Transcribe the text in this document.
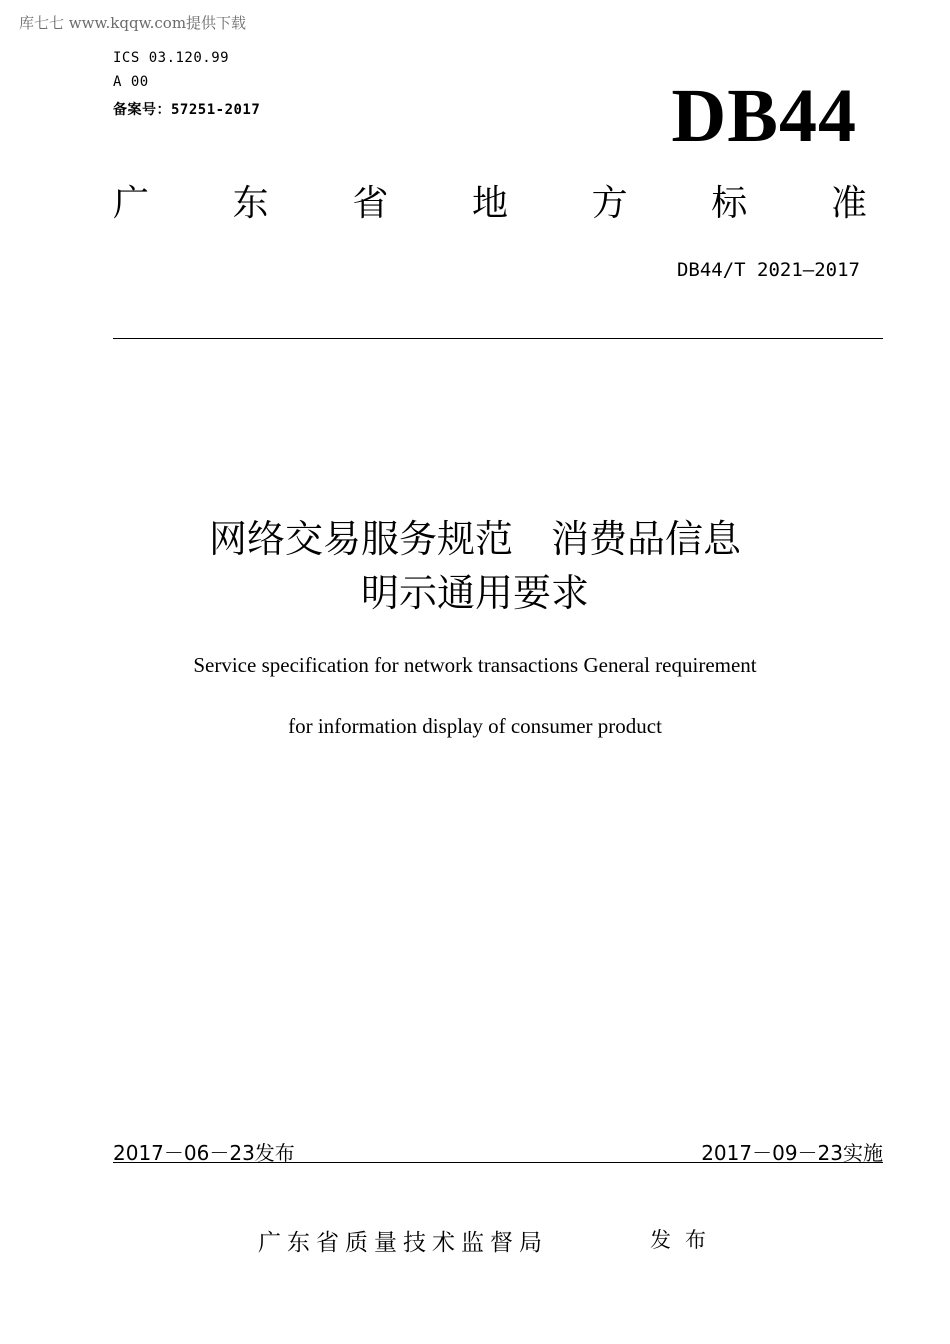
库七七 www.kqqw.com提供下载
ICS 03.120.99
A 00
备案号：57251-2017	DB44
广 东 省 地 方 标 准
DB44/T 2021—2017
网络交易服务规范　消费品信息
明示通用要求
Service specification for network transactions General requirement
for information display of consumer product
2017－06－23发布	2017－09－23实施
广东省质量技术监督局	发布
